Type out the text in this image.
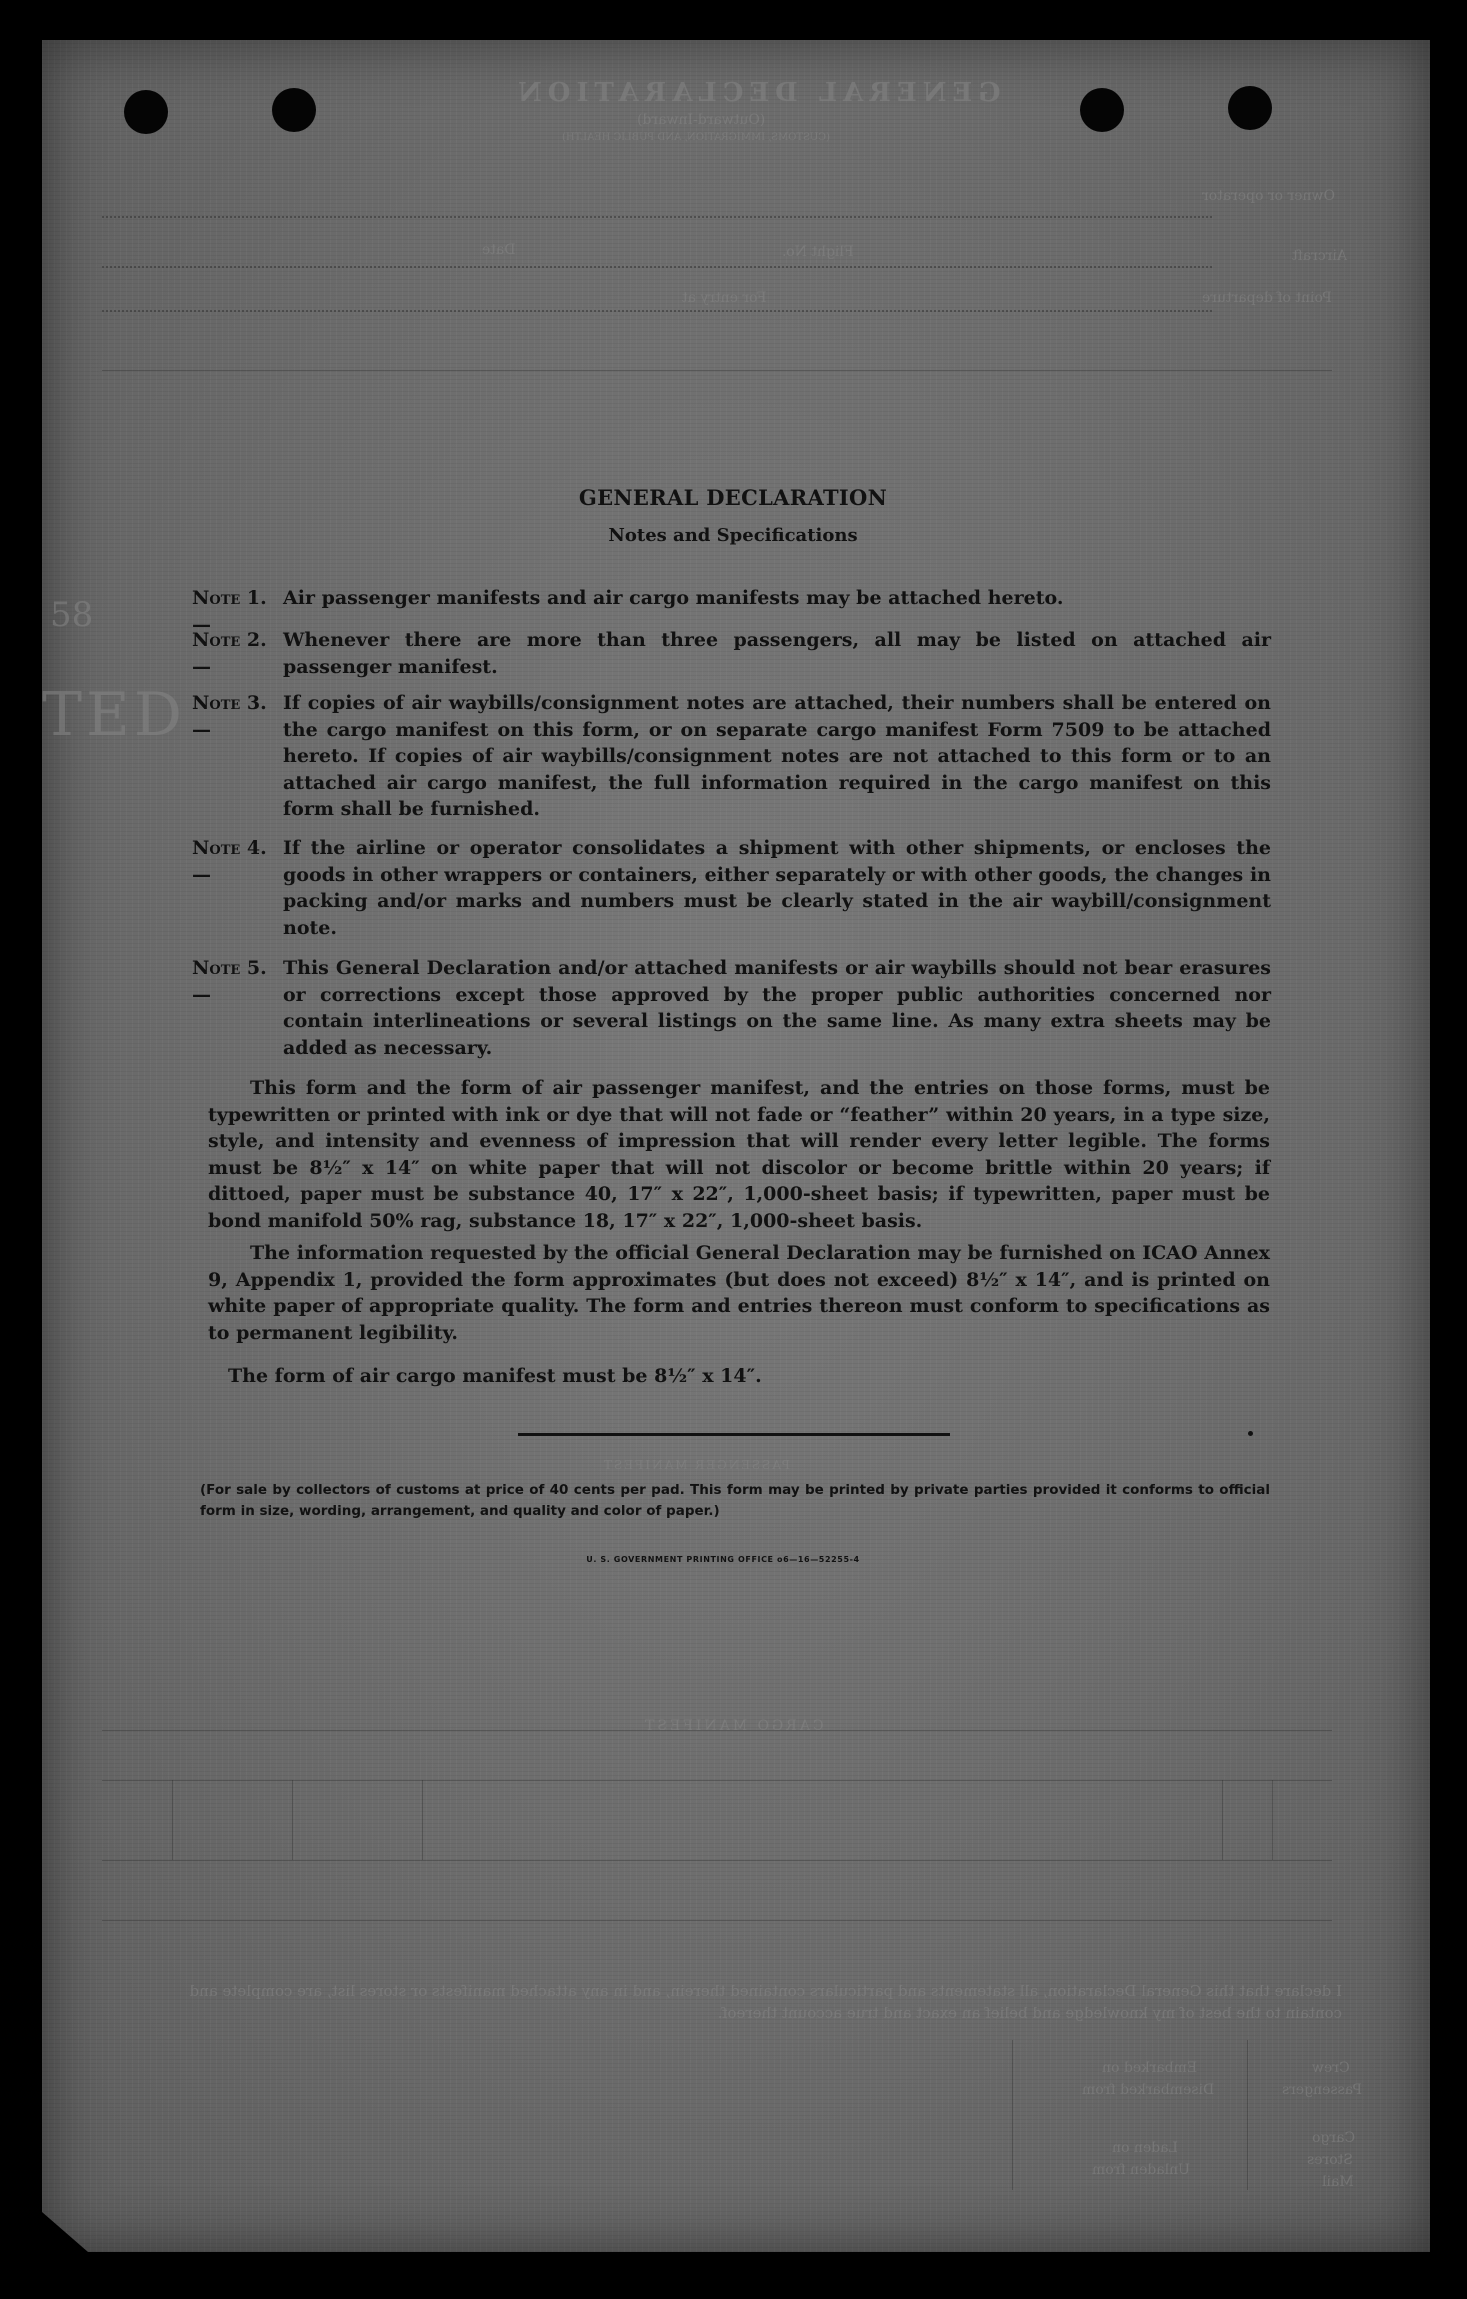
GENERAL DECLARATION
(Outward-Inward)
(CUSTOMS, IMMIGRATION, AND PUBLIC HEALTH)
Owner or operator
Aircraft
Flight No.
Date
Point of departure
For entry at
58
TED
PASSENGER MANIFEST
CARGO MANIFEST
I declare that this General Declaration, all statements and particulars contained therein, and in any attached manifests or stores list, are complete and contain to the best of my knowledge and belief an exact and true account thereof.
Crew
Passengers
Cargo
Stores
Mail
Embarked on
Disembarked from
Laden on
Unladen from
GENERAL DECLARATION
Notes and Specifications
Note 1.—
Air passenger manifests and air cargo manifests may be attached hereto.
Note 2.—
Whenever there are more than three passengers, all may be listed on attached air passenger manifest.
Note 3.—
If copies of air waybills/consignment notes are attached, their numbers shall be entered on the cargo manifest on this form, or on separate cargo manifest Form 7509 to be attached hereto. If copies of air waybills/consignment notes are not attached to this form or to an attached air cargo manifest, the full information required in the cargo manifest on this form shall be furnished.
Note 4.—
If the airline or operator consolidates a shipment with other shipments, or encloses the goods in other wrappers or containers, either separately or with other goods, the changes in packing and/or marks and numbers must be clearly stated in the air waybill/consignment note.
Note 5.—
This General Declaration and/or attached manifests or air waybills should not bear erasures or corrections except those approved by the proper public authorities concerned nor contain interlineations or several listings on the same line. As many extra sheets may be added as necessary.
This form and the form of air passenger manifest, and the entries on those forms, must be typewritten or printed with ink or dye that will not fade or “feather” within 20 years, in a type size, style, and intensity and evenness of impression that will render every letter legible. The forms must be 8½″ x 14″ on white paper that will not discolor or become brittle within 20 years; if dittoed, paper must be substance 40, 17″ x 22″, 1,000-sheet basis; if typewritten, paper must be bond manifold 50% rag, substance 18, 17″ x 22″, 1,000-sheet basis.
The information requested by the official General Declaration may be furnished on ICAO Annex 9, Appendix 1, provided the form approximates (but does not exceed) 8½″ x 14″, and is printed on white paper of appropriate quality. The form and entries thereon must conform to specifications as to permanent legibility.
The form of air cargo manifest must be 8½″ x 14″.
(For sale by collectors of customs at price of 40 cents per pad. This form may be printed by private parties provided it conforms to official form in size, wording, arrangement, and quality and color of paper.)
U. S. GOVERNMENT PRINTING OFFICE o6—16—52255-4
